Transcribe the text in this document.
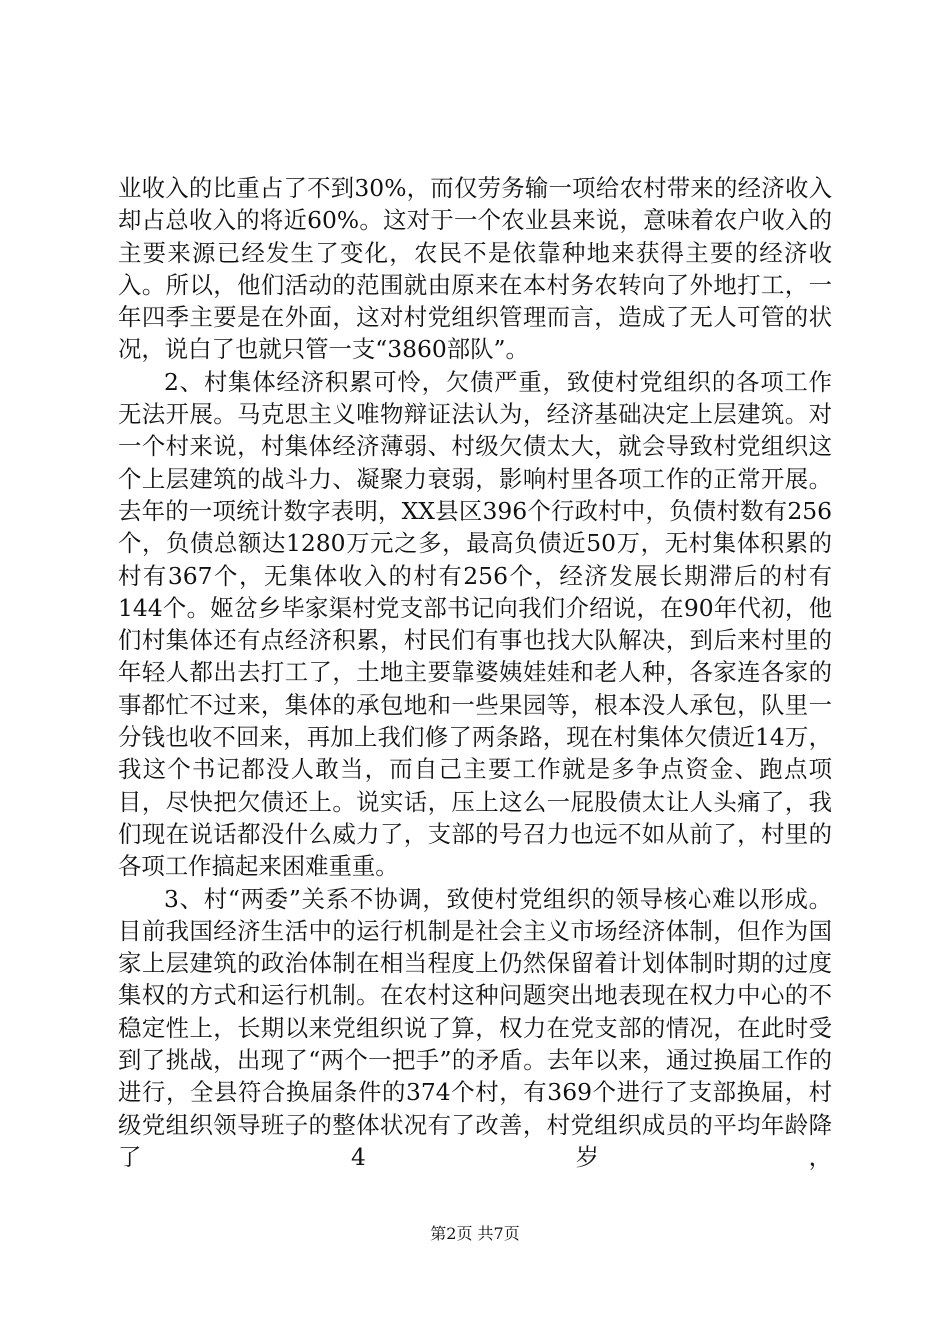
业收入的比重占了不到30%，而仅劳务输一项给农村带来的经济收入却占总收入的将近60%。这对于一个农业县来说，意味着农户收入的主要来源已经发生了变化，农民不是依靠种地来获得主要的经济收入。所以，他们活动的范围就由原来在本村务农转向了外地打工，一年四季主要是在外面，这对村党组织管理而言，造成了无人可管的状况，说白了也就只管一支“3860部队”。

2、村集体经济积累可怜，欠债严重，致使村党组织的各项工作无法开展。马克思主义唯物辩证法认为，经济基础决定上层建筑。对一个村来说，村集体经济薄弱、村级欠债太大，就会导致村党组织这个上层建筑的战斗力、凝聚力衰弱，影响村里各项工作的正常开展。去年的一项统计数字表明，XX县区396个行政村中，负债村数有256个，负债总额达1280万元之多，最高负债近50万，无村集体积累的村有367个，无集体收入的村有256个，经济发展长期滞后的村有144个。姬岔乡毕家渠村党支部书记向我们介绍说，在90年代初，他们村集体还有点经济积累，村民们有事也找大队解决，到后来村里的年轻人都出去打工了，土地主要靠婆姨娃娃和老人种，各家连各家的事都忙不过来，集体的承包地和一些果园等，根本没人承包，队里一分钱也收不回来，再加上我们修了两条路，现在村集体欠债近14万，我这个书记都没人敢当，而自己主要工作就是多争点资金、跑点项目，尽快把欠债还上。说实话，压上这么一屁股债太让人头痛了，我们现在说话都没什么威力了，支部的号召力也远不如从前了，村里的各项工作搞起来困难重重。

3、村“两委”关系不协调，致使村党组织的领导核心难以形成。目前我国经济生活中的运行机制是社会主义市场经济体制，但作为国家上层建筑的政治体制在相当程度上仍然保留着计划体制时期的过度集权的方式和运行机制。在农村这种问题突出地表现在权力中心的不稳定性上，长期以来党组织说了算，权力在党支部的情况，在此时受到了挑战，出现了“两个一把手”的矛盾。去年以来，通过换届工作的进行，全县符合换届条件的374个村，有369个进行了支部换届，村级党组织领导班子的整体状况有了改善，村党组织成员的平均年龄降了4岁，

第2页 共7页
